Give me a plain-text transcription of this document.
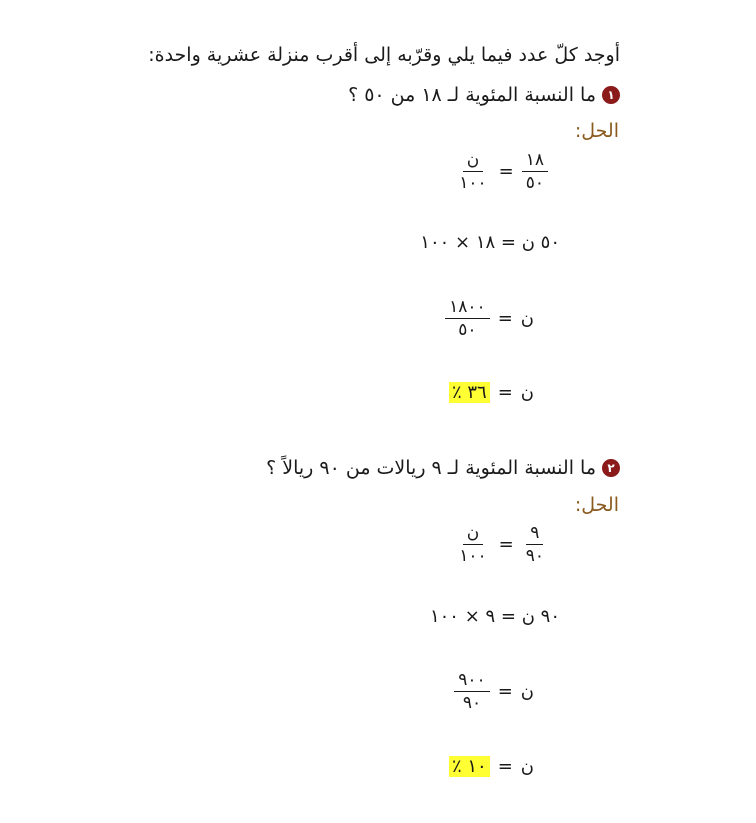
أوجد كلّ عدد فيما يلي وقرّبه إلى أقرب منزلة عشرية واحدة:
١
ما النسبة المئوية لـ ١٨ من ٥٠ ؟
الحل:
$\frac{١٨}{٥٠}$
=
$\frac{\text{ن}}{١٠٠}$
٥٠ ن = ١٨ × ١٠٠
ن
=
$\frac{١٨٠٠}{٥٠}$
ن
=
٣٦ ٪
٢
ما النسبة المئوية لـ ٩ ريالات من ٩٠ ريالاً ؟
الحل:
$\frac{٩}{٩٠}$
=
$\frac{\text{ن}}{١٠٠}$
٩٠ ن = ٩ × ١٠٠
ن
=
$\frac{٩٠٠}{٩٠}$
ن
=
١٠ ٪
